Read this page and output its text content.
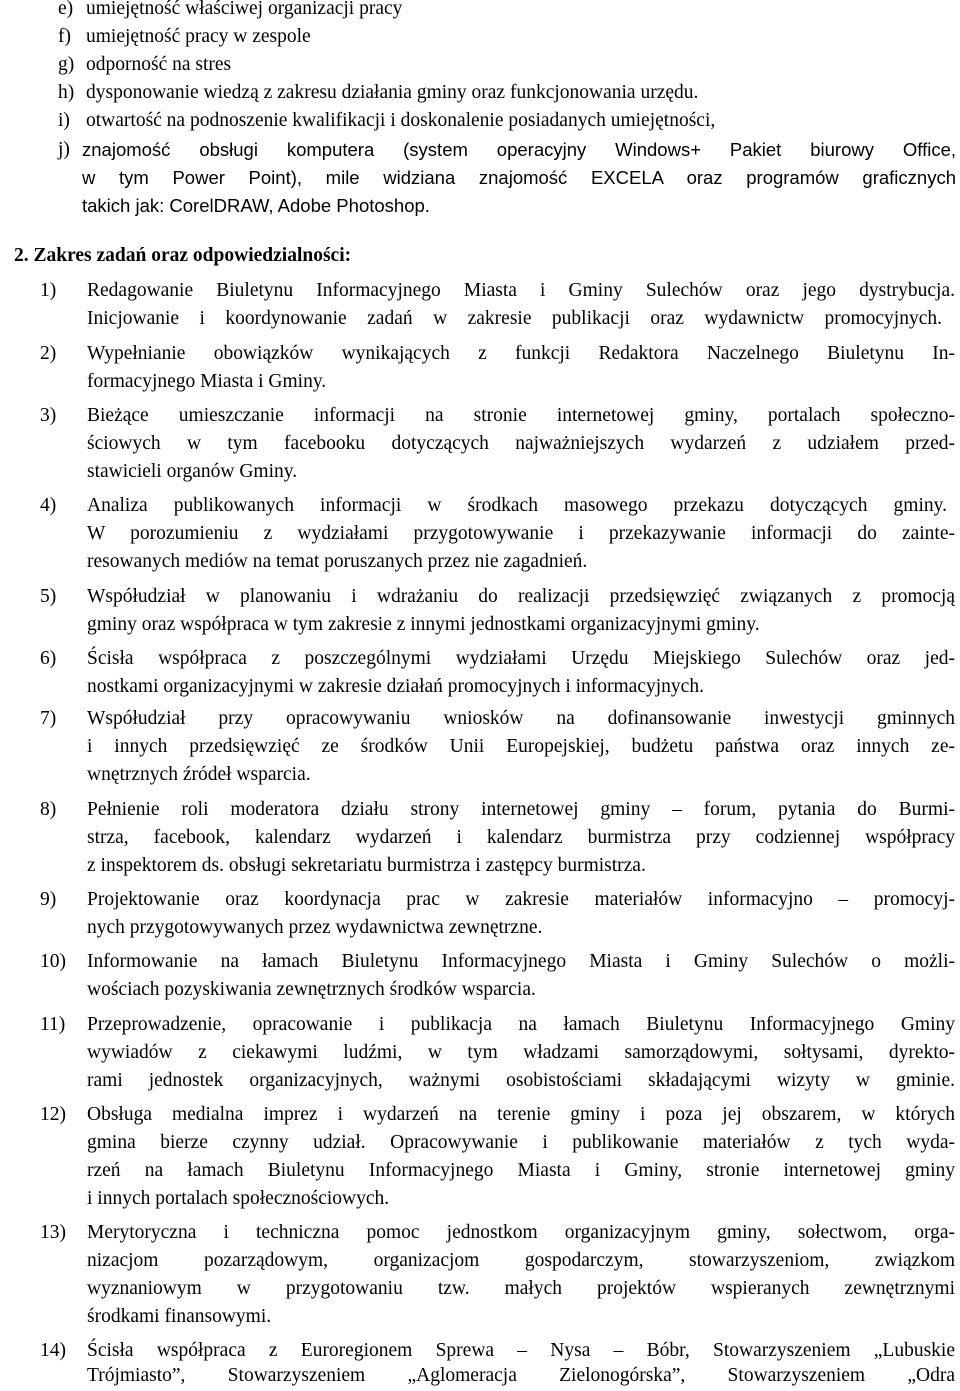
e) umiejętność właściwej organizacji pracy
f) umiejętność pracy w zespole
g) odporność na stres
h) dysponowanie wiedzą z zakresu działania gminy oraz funkcjonowania urzędu.
i) otwartość na podnoszenie kwalifikacji i doskonalenie posiadanych umiejętności,
j) znajomość obsługi komputera (system operacyjny Windows+ Pakiet biurowy Office,
w tym Power Point), mile widziana znajomość EXCELA oraz programów graficznych
takich jak: CorelDRAW, Adobe Photoshop.
2. Zakres zadań oraz odpowiedzialności:
1) Redagowanie Biuletynu Informacyjnego Miasta i Gminy Sulechów oraz jego dystrybucja.
Inicjowanie i koordynowanie zadań w zakresie publikacji oraz wydawnictw promocyjnych.
2) Wypełnianie obowiązków wynikających z funkcji Redaktora Naczelnego Biuletynu In-
formacyjnego Miasta i Gminy.
3) Bieżące umieszczanie informacji na stronie internetowej gminy, portalach społeczno-
ściowych w tym facebooku dotyczących najważniejszych wydarzeń z udziałem przed-
stawicieli organów Gminy.
4) Analiza publikowanych informacji w środkach masowego przekazu dotyczących gminy.
W porozumieniu z wydziałami przygotowywanie i przekazywanie informacji do zainte-
resowanych mediów na temat poruszanych przez nie zagadnień.
5) Współudział w planowaniu i wdrażaniu do realizacji przedsięwzięć związanych z promocją
gminy oraz współpraca w tym zakresie z innymi jednostkami organizacyjnymi gminy.
6) Ścisła współpraca z poszczególnymi wydziałami Urzędu Miejskiego Sulechów oraz jed-
nostkami organizacyjnymi w zakresie działań promocyjnych i informacyjnych.
7) Współudział przy opracowywaniu wniosków na dofinansowanie inwestycji gminnych
i innych przedsięwzięć ze środków Unii Europejskiej, budżetu państwa oraz innych ze-
wnętrznych źródeł wsparcia.
8) Pełnienie roli moderatora działu strony internetowej gminy – forum, pytania do Burmi-
strza, facebook, kalendarz wydarzeń i kalendarz burmistrza przy codziennej współpracy
z inspektorem ds. obsługi sekretariatu burmistrza i zastępcy burmistrza.
9) Projektowanie oraz koordynacja prac w zakresie materiałów informacyjno – promocyj-
nych przygotowywanych przez wydawnictwa zewnętrzne.
10) Informowanie na łamach Biuletynu Informacyjnego Miasta i Gminy Sulechów o możli-
wościach pozyskiwania zewnętrznych środków wsparcia.
11) Przeprowadzenie, opracowanie i publikacja na łamach Biuletynu Informacyjnego Gminy
wywiadów z ciekawymi ludźmi, w tym władzami samorządowymi, sołtysami, dyrekto-
rami jednostek organizacyjnych, ważnymi osobistościami składającymi wizyty w gminie.
12) Obsługa medialna imprez i wydarzeń na terenie gminy i poza jej obszarem, w których
gmina bierze czynny udział. Opracowywanie i publikowanie materiałów z tych wyda-
rzeń na łamach Biuletynu Informacyjnego Miasta i Gminy, stronie internetowej gminy
i innych portalach społecznościowych.
13) Merytoryczna i techniczna pomoc jednostkom organizacyjnym gminy, sołectwom, orga-
nizacjom pozarządowym, organizacjom gospodarczym, stowarzyszeniom, związkom
wyznaniowym w przygotowaniu tzw. małych projektów wspieranych zewnętrznymi
środkami finansowymi.
14) Ścisła współpraca z Euroregionem Sprewa – Nysa – Bóbr, Stowarzyszeniem „Lubuskie
Trójmiasto”, Stowarzyszeniem „Aglomeracja Zielonogórska”, Stowarzyszeniem „Odra
